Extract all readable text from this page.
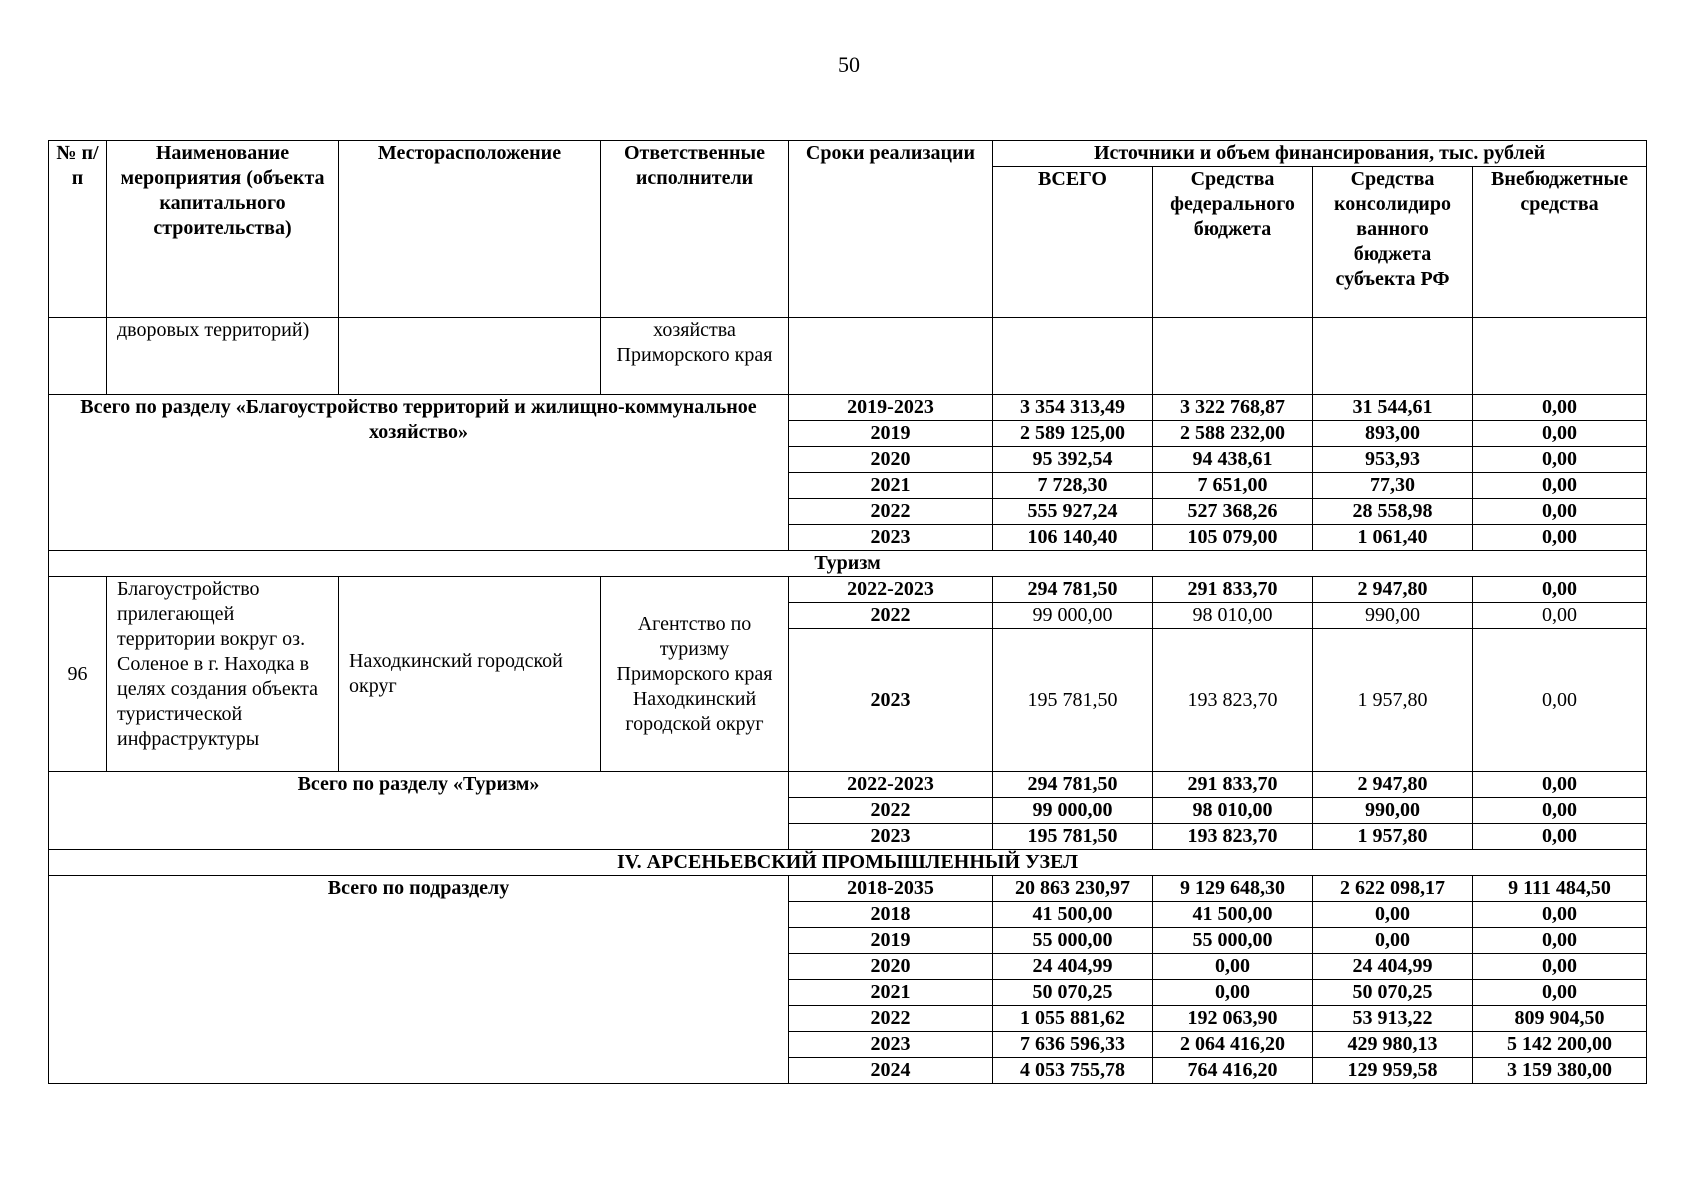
50
№ п/п	Наименование мероприятия (объекта капитального строительства)	Месторасположение	Ответственные исполнители	Сроки реализации	Источники и объем финансирования, тыс. рублей			
					ВСЕГО	Средства федерального бюджета	Средства консолидиро ванного бюджета субъекта РФ	Внебюджетные средства
	дворовых территорий)		хозяйства Приморского края					
Всего по разделу «Благоустройство территорий и жилищно-коммунальное хозяйство»				2019-2023	3 354 313,49	3 322 768,87	31 544,61	0,00
				2019	2 589 125,00	2 588 232,00	893,00	0,00
				2020	95 392,54	94 438,61	953,93	0,00
				2021	7 728,30	7 651,00	77,30	0,00
				2022	555 927,24	527 368,26	28 558,98	0,00
				2023	106 140,40	105 079,00	1 061,40	0,00
Туризм								
96	Благоустройство прилегающей территории вокруг оз. Соленое в г. Находка в целях создания объекта туристической инфраструктуры	Находкинский городской округ	Агентство по туризму Приморского края Находкинский городской округ	2022-2023	294 781,50	291 833,70	2 947,80	0,00
				2022	99 000,00	98 010,00	990,00	0,00
				2023	195 781,50	193 823,70	1 957,80	0,00
Всего по разделу «Туризм»				2022-2023	294 781,50	291 833,70	2 947,80	0,00
				2022	99 000,00	98 010,00	990,00	0,00
				2023	195 781,50	193 823,70	1 957,80	0,00
IV. АРСЕНЬЕВСКИЙ ПРОМЫШЛЕННЫЙ УЗЕЛ								
Всего по подразделу				2018-2035	20 863 230,97	9 129 648,30	2 622 098,17	9 111 484,50
				2018	41 500,00	41 500,00	0,00	0,00
				2019	55 000,00	55 000,00	0,00	0,00
				2020	24 404,99	0,00	24 404,99	0,00
				2021	50 070,25	0,00	50 070,25	0,00
				2022	1 055 881,62	192 063,90	53 913,22	809 904,50
				2023	7 636 596,33	2 064 416,20	429 980,13	5 142 200,00
				2024	4 053 755,78	764 416,20	129 959,58	3 159 380,00
